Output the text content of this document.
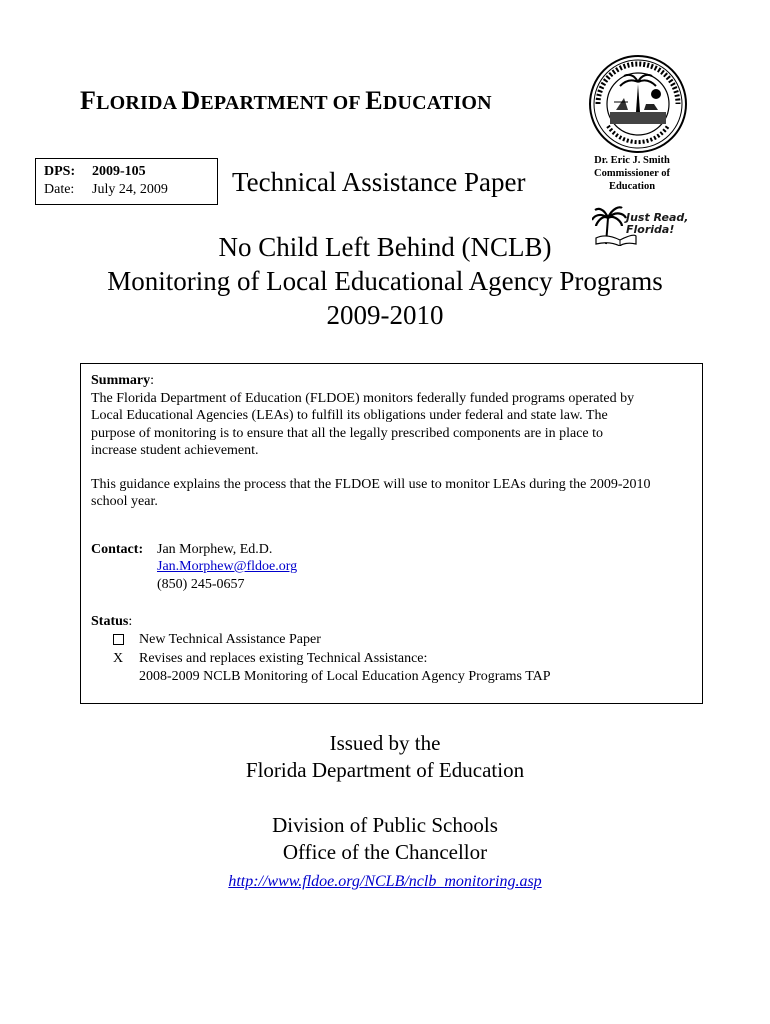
FLORIDA DEPARTMENT OF EDUCATION
DPS:	2009-105
Date:	July 24, 2009 Technical Assistance Paper
Dr. Eric J. Smith
Commissioner of Education
Just Read,
Florida!
No Child Left Behind (NCLB)
Monitoring of Local Educational Agency Programs
2009-2010

Summary:

The Florida Department of Education (FLDOE) monitors federally funded programs operated by
Local Educational Agencies (LEAs) to fulfill its obligations under federal and state law. The
purpose of monitoring is to ensure that all the legally prescribed components are in place to
increase student achievement.

This guidance explains the process that the FLDOE will use to monitor LEAs during the 2009-2010
school year.

Contact: Jan Morphew, Ed.D.
Jan.Morphew@fldoe.org
(850) 245-0657
Status:
New Technical Assistance Paper
X	Revises and replaces existing Technical Assistance:
2008-2009 NCLB Monitoring of Local Education Agency Programs TAP
Issued by the
Florida Department of Education
Division of Public Schools
Office of the Chancellor
http://www.fldoe.org/NCLB/nclb_monitoring.asp
